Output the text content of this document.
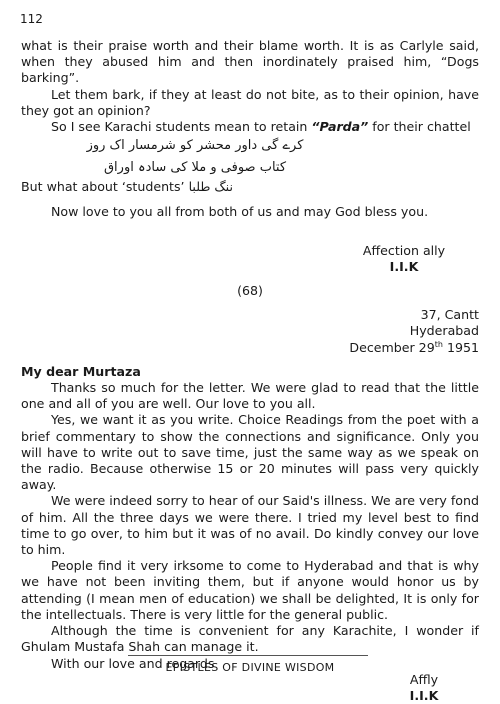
112

what is their praise worth and their blame worth. It is as Carlyle said, when they abused him and then inordinately praised him, “Dogs barking”.

Let them bark, if they at least do not bite, as to their opinion, have they got an opinion?

So I see Karachi students mean to retain “Parda” for their chattel

کرے گی داور محشر کو شرمسار اک روز

کتاب صوفی و ملا کی سادہ اوراق

But what about ‘students’ ننگ طلبا

Now love to you all from both of us and may God bless you.

Affection ally

I.I.K

(68)

37, Cantt

Hyderabad

December 29th 1951

My dear Murtaza

Thanks so much for the letter. We were glad to read that the little one and all of you are well. Our love to you all.

Yes, we want it as you write. Choice Readings from the poet with a brief commentary to show the connections and significance. Only you will have to write out to save time, just the same way as we speak on the radio. Because otherwise 15 or 20 minutes will pass very quickly away.

We were indeed sorry to hear of our Said's illness. We are very fond of him. All the three days we were there. I tried my level best to find time to go over, to him but it was of no avail. Do kindly convey our love to him.

People find it very irksome to come to Hyderabad and that is why we have not been inviting them, but if anyone would honor us by attending (I mean men of education) we shall be delighted, It is only for the intellectuals. There is very little for the general public.

Although the time is convenient for any Karachite, I wonder if Ghulam Mustafa Shah can manage it.

With our love and regards

Affly

I.I.K

EPISTLES OF DIVINE WISDOM
